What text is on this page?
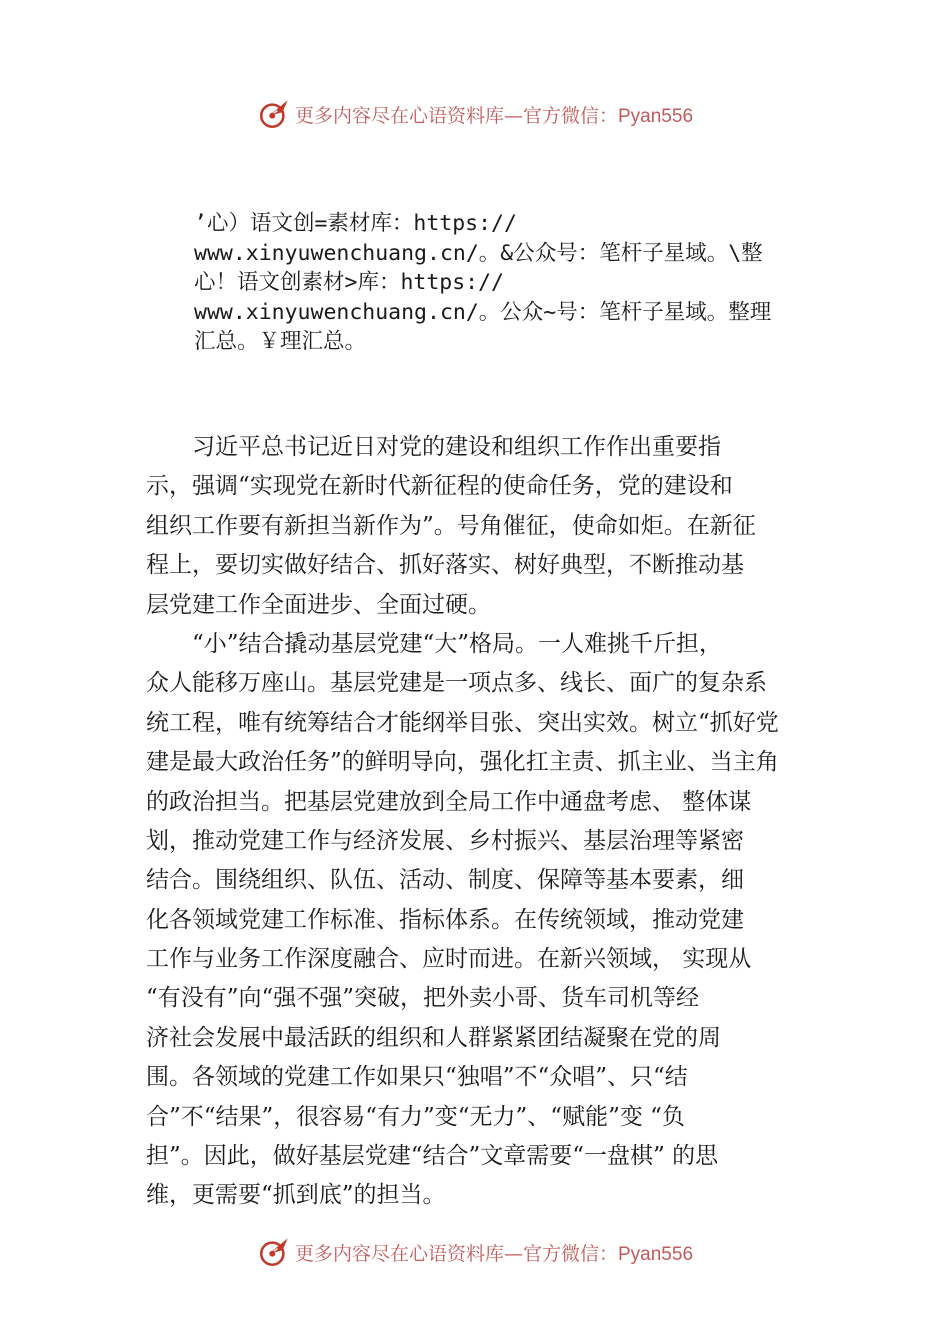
更多内容尽在心语资料库—官方微信：Pyan556
’心）语文创=素材库：https://
www.xinyuwenchuang.cn/。&公众号：笔杆子星域。\整
心！语文创素材>库：https://
www.xinyuwenchuang.cn/。公众~号：笔杆子星域。整理
汇总。￥理汇总。
　　习近平总书记近日对党的建设和组织工作作出重要指
示，强调“实现党在新时代新征程的使命任务，党的建设和
组织工作要有新担当新作为”。号角催征，使命如炬。在新征
程上，要切实做好结合、抓好落实、树好典型，不断推动基
层党建工作全面进步、全面过硬。
　　“小”结合撬动基层党建“大”格局。一人难挑千斤担，
众人能移万座山。基层党建是一项点多、线长、面广的复杂系
统工程，唯有统筹结合才能纲举目张、突出实效。树立“抓好党
建是最大政治任务”的鲜明导向，强化扛主责、抓主业、当主角
的政治担当。把基层党建放到全局工作中通盘考虑、 整体谋
划，推动党建工作与经济发展、乡村振兴、基层治理等紧密
结合。围绕组织、队伍、活动、制度、保障等基本要素，细
化各领域党建工作标准、指标体系。在传统领域，推动党建
工作与业务工作深度融合、应时而进。在新兴领域， 实现从
“有没有”向“强不强”突破，把外卖小哥、货车司机等经
济社会发展中最活跃的组织和人群紧紧团结凝聚在党的周
围。各领域的党建工作如果只“独唱”不“众唱”、只“结
合”不“结果”，很容易“有力”变“无力”、“赋能”变 “负
担”。因此，做好基层党建“结合”文章需要“一盘棋” 的思
维，更需要“抓到底”的担当。
更多内容尽在心语资料库—官方微信：Pyan556
